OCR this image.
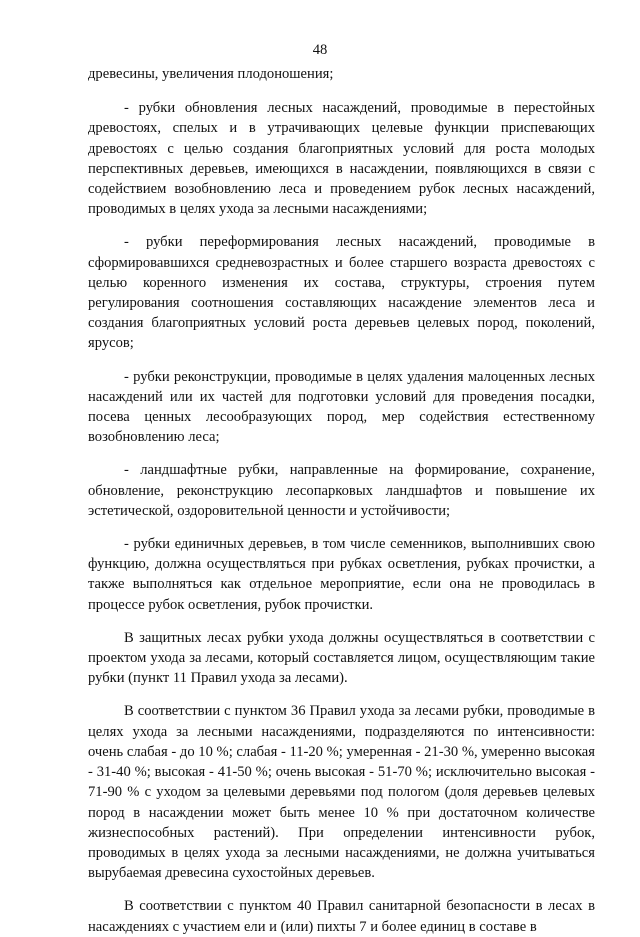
48

древесины, увеличения плодоношения;

- рубки обновления лесных насаждений, проводимые в перестойных древостоях, спелых и в утрачивающих целевые функции приспевающих древостоях с целью создания благоприятных условий для роста молодых перспективных деревьев, имеющихся в насаждении, появляющихся в связи с содействием возобновлению леса и проведением рубок лесных насаждений, проводимых в целях ухода за лесными насаждениями;

- рубки переформирования лесных насаждений, проводимые в сформировавшихся средневозрастных и более старшего возраста древостоях с целью коренного изменения их состава, структуры, строения путем регулирования соотношения составляющих насаждение элементов леса и создания благоприятных условий роста деревьев целевых пород, поколений, ярусов;

- рубки реконструкции, проводимые в целях удаления малоценных лесных насаждений или их частей для подготовки условий для проведения посадки, посева ценных лесообразующих пород, мер содействия естественному возобновлению леса;

- ландшафтные рубки, направленные на формирование, сохранение, обновление, реконструкцию лесопарковых ландшафтов и повышение их эстетической, оздоровительной ценности и устойчивости;

- рубки единичных деревьев, в том числе семенников, выполнивших свою функцию, должна осуществляться при рубках осветления, рубках прочистки, а также выполняться как отдельное мероприятие, если она не проводилась в процессе рубок осветления, рубок прочистки.

В защитных лесах рубки ухода должны осуществляться в соответствии с проектом ухода за лесами, который составляется лицом, осуществляющим такие рубки (пункт 11 Правил ухода за лесами).

В соответствии с пунктом 36 Правил ухода за лесами рубки, проводимые в целях ухода за лесными насаждениями, подразделяются по интенсивности: очень слабая - до 10 %; слабая - 11-20 %; умеренная - 21-30 %, умеренно высокая - 31-40 %; высокая - 41-50 %; очень высокая - 51-70 %; исключительно высокая - 71-90 % с уходом за целевыми деревьями под пологом (доля деревьев целевых пород в насаждении может быть менее 10 % при достаточном количестве жизнеспособных растений). При определении интенсивности рубок, проводимых в целях ухода за лесными насаждениями, не должна учитываться вырубаемая древесина сухостойных деревьев.

В соответствии с пунктом 40 Правил санитарной безопасности в лесах в насаждениях с участием ели и (или) пихты 7 и более единиц в составе в
